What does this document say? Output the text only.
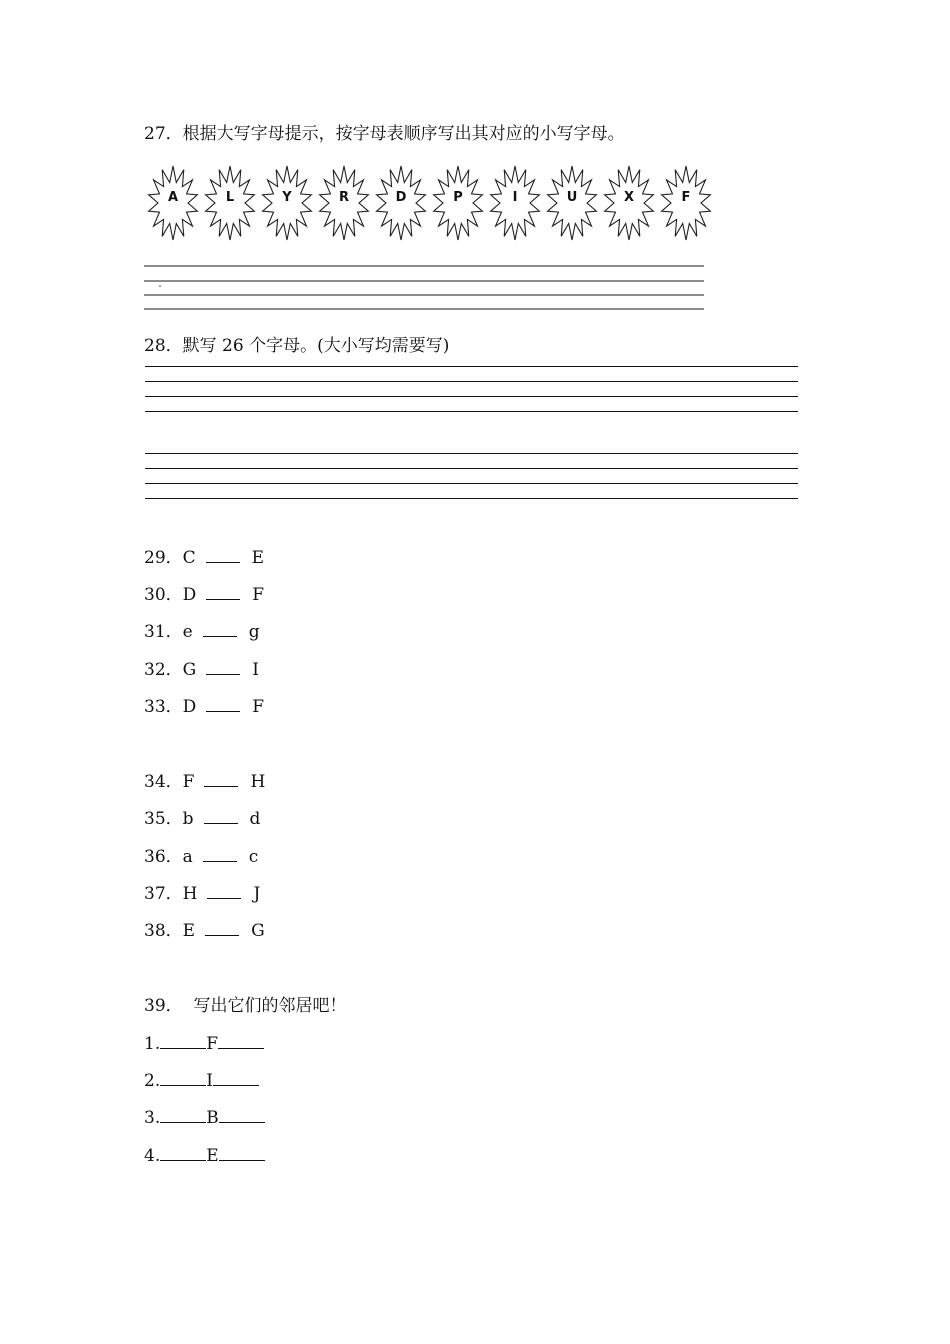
27．根据大写字母提示，按字母表顺序写出其对应的小写字母。
A	L	Y	R	D	P	I	U	X	F
28．默写 26 个字母。(大小写均需要写)
29．C	E
30．D	F
31．e	g
32．G	I
33．D	F
34．F	H
35．b	d
36．a	c
37．H	J
38．E	G
39．  写出它们的邻居吧！
1.	F
2.	I
3.	B
4.	E
